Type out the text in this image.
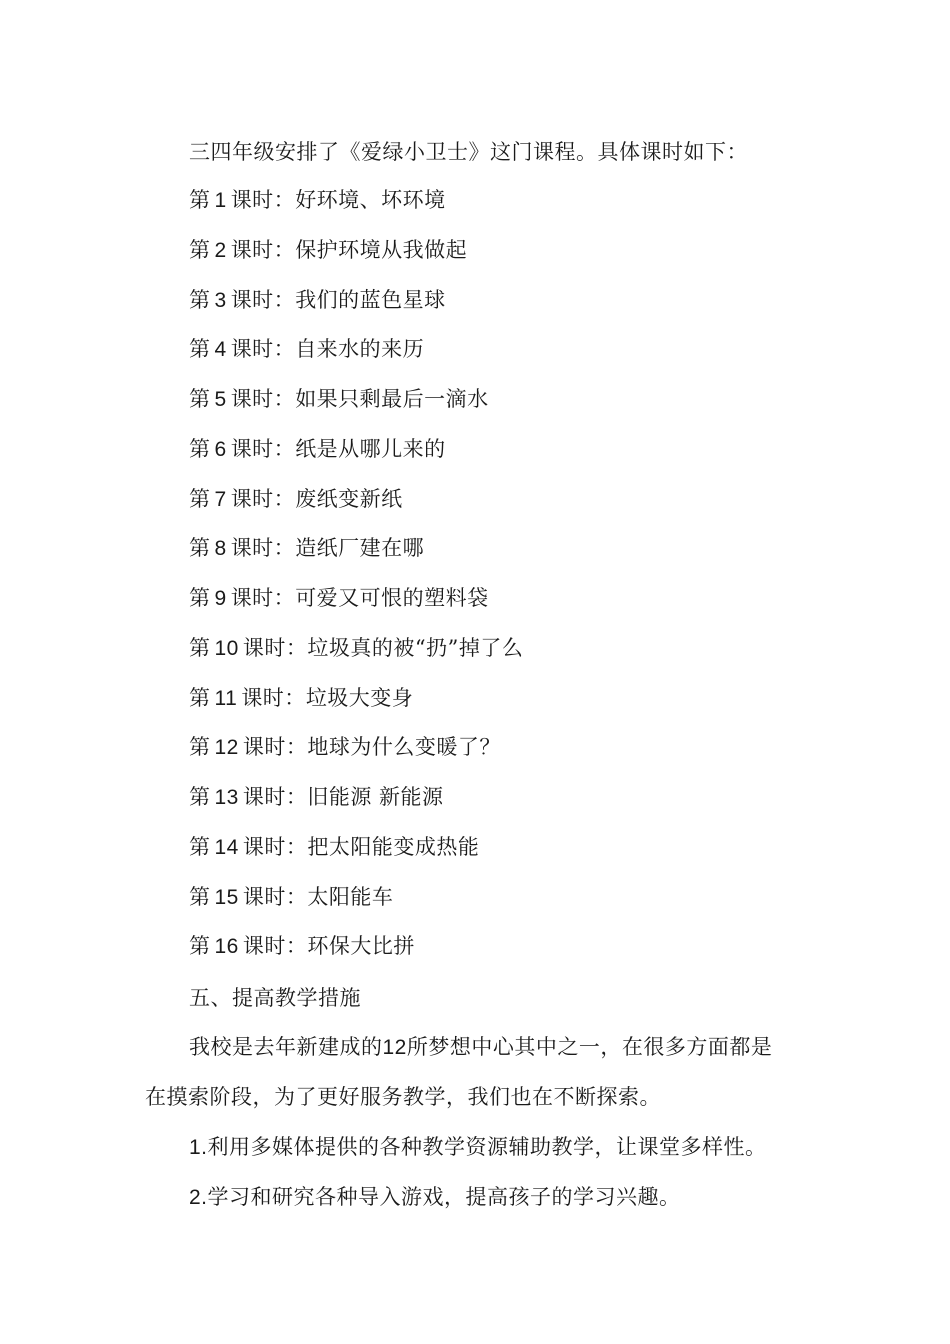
三四年级安排了《爱绿小卫士》这门课程。具体课时如下：
第 1 课时：好环境、坏环境
第 2 课时：保护环境从我做起
第 3 课时：我们的蓝色星球
第 4 课时：自来水的来历
第 5 课时：如果只剩最后一滴水
第 6 课时：纸是从哪儿来的
第 7 课时：废纸变新纸
第 8 课时：造纸厂建在哪
第 9 课时：可爱又可恨的塑料袋
第 10 课时：垃圾真的被“扔”掉了么
第 11 课时：垃圾大变身
第 12 课时：地球为什么变暖了？
第 13 课时：旧能源 新能源
第 14 课时：把太阳能变成热能
第 15 课时：太阳能车
第 16 课时：环保大比拼
五、提高教学措施
我校是去年新建成的12所梦想中心其中之一，在很多方面都是
在摸索阶段，为了更好服务教学，我们也在不断探索。
1.利用多媒体提供的各种教学资源辅助教学，让课堂多样性。
2.学习和研究各种导入游戏，提高孩子的学习兴趣。
